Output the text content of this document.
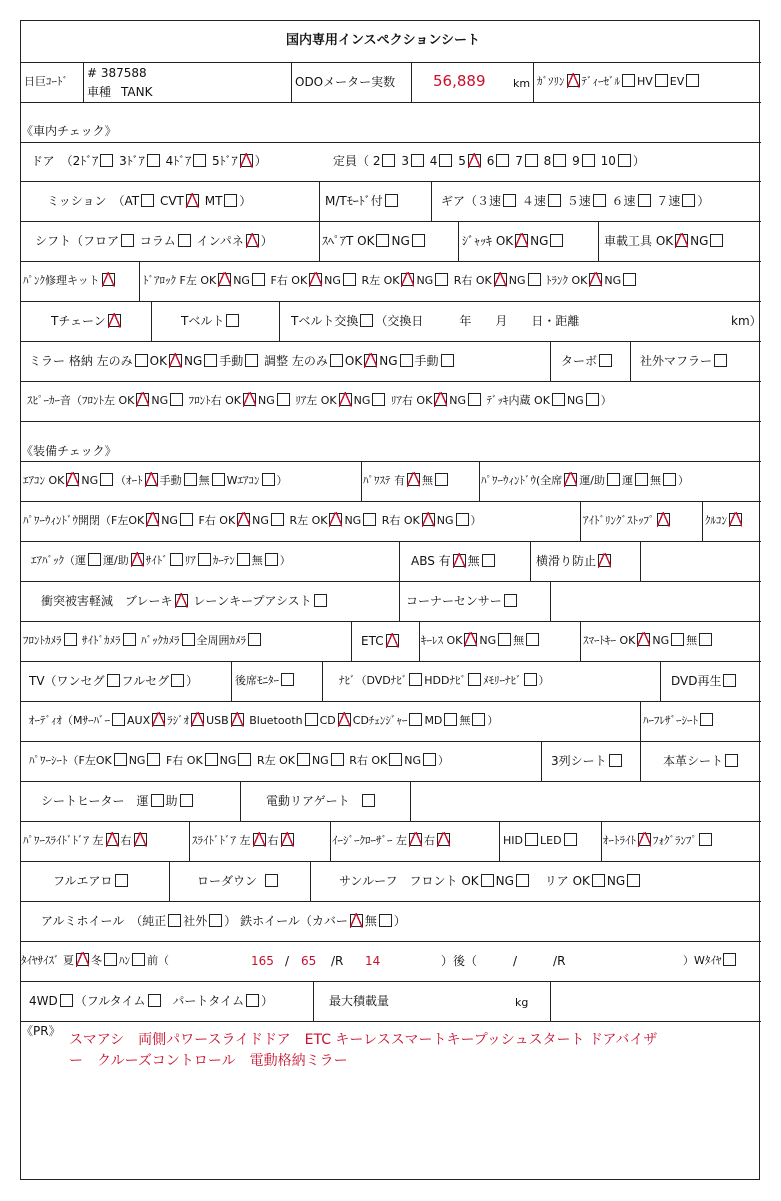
国内専用インスペクションシート
日巨ｺｰﾄﾞ
# 387588
車種 TANK
ODOメーター実数	56,889	km ｶﾞｿﾘﾝ ﾃﾞｨｰｾﾞﾙ HV EV
《車内チェック》
ドア　（2ﾄﾞｱ 3ﾄﾞｱ 4ﾄﾞｱ 5ﾄﾞｱ ）	定員（ 2 3 4 5 6 7 8 9 10 ）
ミッション　（AT CVT MT ）	M/Tﾓｰﾄﾞ付	ギア（３速 ４速 ５速 ６速 ７速 ）
シフト（フロア コラム インパネ ）	ｽﾍﾟｱT OK NG	ｼﾞｬｯｷ OK NG	車載工具 OK NG
ﾊﾟﾝｸ修理キット	ﾄﾞｱﾛｯｸ F左 OK NG F右 OK NG R左 OK NG R右 OK NG ﾄﾗﾝｸ OK NG
Tチェーン	Tベルト	Tベルト交換 （交換日　　　年　　月　　日・距離	km）
ミラー 格納 左のみ OK NG 手動 調整 左のみ OK NG 手動	ターボ	社外マフラー
ｽﾋﾟｰｶｰ音（ﾌﾛﾝﾄ左 OK NG ﾌﾛﾝﾄ右 OK NG ﾘｱ左 OK NG ﾘｱ右 OK NG ﾃﾞｯｷ内蔵 OK NG ）
《装備チェック》
ｴｱｺﾝ OK NG （ｵｰﾄ 手動 無 Wｴｱｺﾝ ）	ﾊﾟﾜｽﾃ 有 無	ﾊﾟﾜｰｳｨﾝﾄﾞｳ(全席 運/助 運 無 ）
ﾊﾟﾜｰｳｨﾝﾄﾞｳ開閉（F左OK NG F右 OK NG R左 OK NG R右 OK NG ）	ｱｲﾄﾞﾘﾝｸﾞｽﾄｯﾌﾟ	ｸﾙｺﾝ
ｴｱﾊﾞｯｸ（運 運/助 ｻｲﾄﾞ ﾘｱ ｶｰﾃﾝ 無 ）	ABS 有 無	横滑り防止
衝突被害軽減　ブレーキ レーンキープアシスト	コーナーセンサー
ﾌﾛﾝﾄｶﾒﾗ ｻｲﾄﾞｶﾒﾗ ﾊﾞｯｸｶﾒﾗ 全周囲ｶﾒﾗ	ETC	ｷｰﾚｽ OK NG 無	ｽﾏｰﾄｷｰ OK NG 無
TV（ワンセグ フルセグ ）	後席ﾓﾆﾀｰ	ﾅﾋﾞ（DVDﾅﾋﾞ HDDﾅﾋﾞ ﾒﾓﾘｰﾅﾋﾞ ）	DVD再生
ｵｰﾃﾞｨｵ（Mｻｰﾊﾞｰ AUX ﾗｼﾞｵ USB Bluetooth CD CDﾁｪﾝｼﾞｬｰ MD 無 ）	ﾊｰﾌﾚｻﾞｰｼｰﾄ
ﾊﾟﾜｰｼｰﾄ（F左OK NG F右 OK NG R左 OK NG R右 OK NG ）	3列シート	本革シート
シートヒーター　運 助	電動リアゲート
ﾊﾟﾜｰｽﾗｲﾄﾞﾄﾞｱ 左 右	ｽﾗｲﾄﾞﾄﾞｱ 左 右	ｲｰｼﾞｰｸﾛｰｻﾞｰ 左 右	HID LED	ｵｰﾄﾗｲﾄ ﾌｫｸﾞﾗﾝﾌﾟ
フルエアロ	ローダウン	サンルーフ　フロント OK NG	リア OK NG
アルミホイール　（純正 社外 ） 鉄ホイール（カバー 無 ）
ﾀｲﾔｻｲｽﾞ 夏 冬 ﾊﾝ 前（	165 / 65 /R 14	）後（　　　/　　　/R	）Wﾀｲﾔ
4WD （フルタイム パートタイム ）	最大積載量	kg
《PR》
スマアシ　両側パワースライドドア　ETC キーレススマートキープッシュスタート ドアバイザー　クルーズコントロール　電動格納ミラー
